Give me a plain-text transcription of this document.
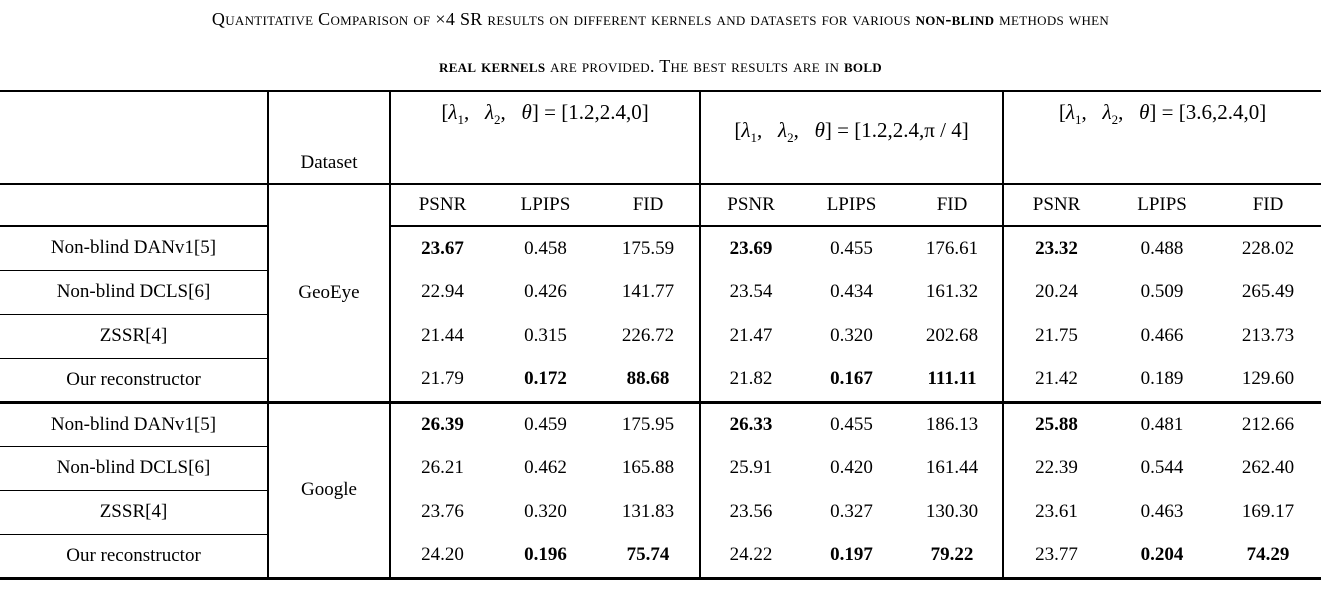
Quantitative Comparison of ×4 SR results on different kernels and datasets for various non-blind methods when
real kernels are provided. The best results are in bold
	Dataset	[$\lambda_1$,   $\lambda_2$,   θ] = [1.2,2.4,0]			[$\lambda_1$,   $\lambda_2$,   θ] = [1.2,2.4,π / 4]			[$\lambda_1$,   $\lambda_2$,   θ] = [3.6,2.4,0]		
	GeoEye	PSNR	LPIPS	FID	PSNR	LPIPS	FID	PSNR	LPIPS	FID
Non-blind DANv1[5]		23.67	0.458	175.59	23.69	0.455	176.61	23.32	0.488	228.02
Non-blind DCLS[6]		22.94	0.426	141.77	23.54	0.434	161.32	20.24	0.509	265.49
ZSSR[4]		21.44	0.315	226.72	21.47	0.320	202.68	21.75	0.466	213.73
Our reconstructor		21.79	0.172	88.68	21.82	0.167	111.11	21.42	0.189	129.60
Non-blind DANv1[5]	Google	26.39	0.459	175.95	26.33	0.455	186.13	25.88	0.481	212.66
Non-blind DCLS[6]		26.21	0.462	165.88	25.91	0.420	161.44	22.39	0.544	262.40
ZSSR[4]		23.76	0.320	131.83	23.56	0.327	130.30	23.61	0.463	169.17
Our reconstructor		24.20	0.196	75.74	24.22	0.197	79.22	23.77	0.204	74.29
